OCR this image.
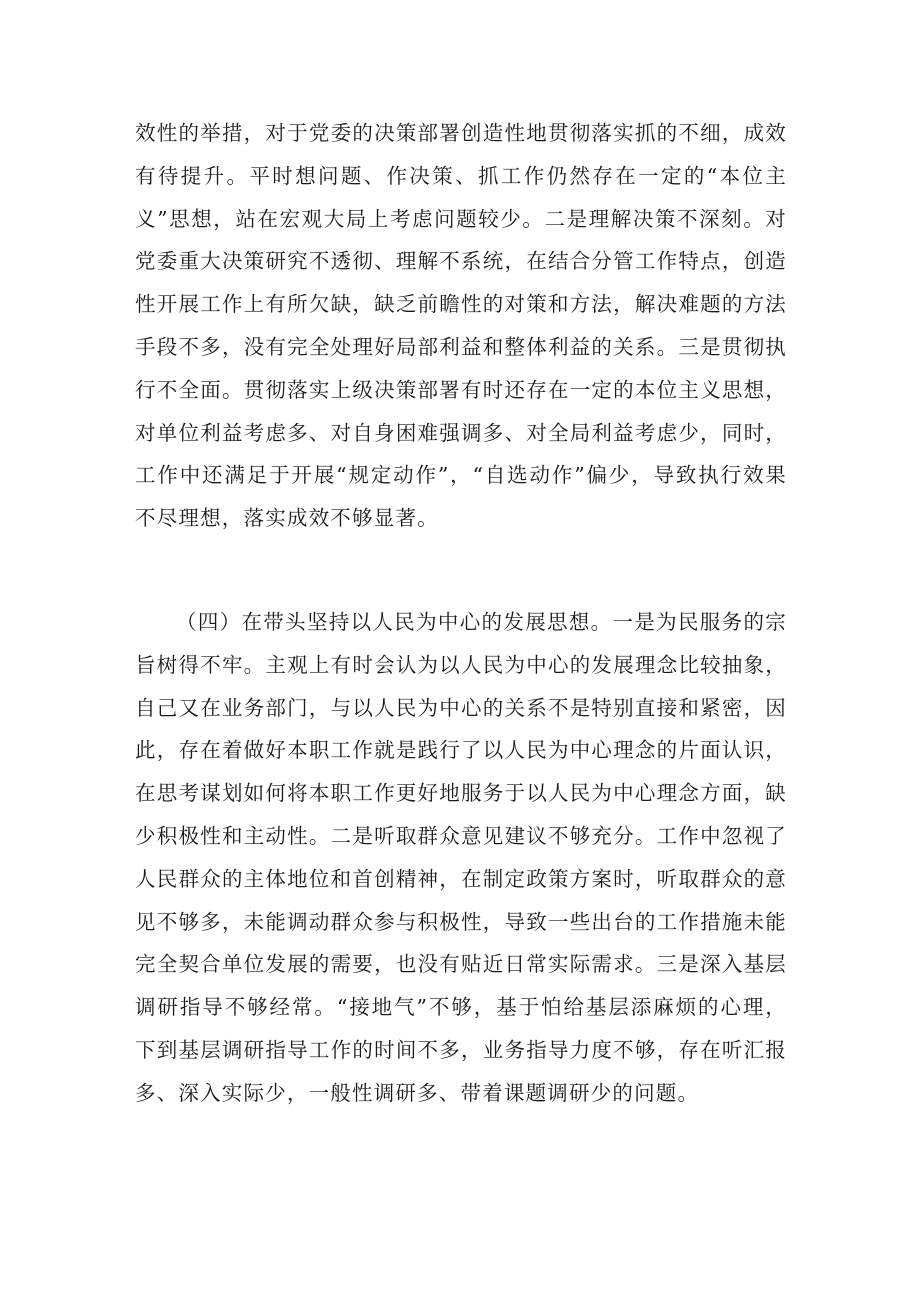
效性的举措，对于党委的决策部署创造性地贯彻落实抓的不细，成效有待提升。平时想问题、作决策、抓工作仍然存在一定的“本位主义”思想，站在宏观大局上考虑问题较少。二是理解决策不深刻。对党委重大决策研究不透彻、理解不系统，在结合分管工作特点，创造性开展工作上有所欠缺，缺乏前瞻性的对策和方法，解决难题的方法手段不多，没有完全处理好局部利益和整体利益的关系。三是贯彻执行不全面。贯彻落实上级决策部署有时还存在一定的本位主义思想，对单位利益考虑多、对自身困难强调多、对全局利益考虑少，同时，工作中还满足于开展“规定动作”，“自选动作”偏少，导致执行效果不尽理想，落实成效不够显著。

（四）在带头坚持以人民为中心的发展思想。一是为民服务的宗旨树得不牢。主观上有时会认为以人民为中心的发展理念比较抽象，自己又在业务部门，与以人民为中心的关系不是特别直接和紧密，因此，存在着做好本职工作就是践行了以人民为中心理念的片面认识，在思考谋划如何将本职工作更好地服务于以人民为中心理念方面，缺少积极性和主动性。二是听取群众意见建议不够充分。工作中忽视了人民群众的主体地位和首创精神，在制定政策方案时，听取群众的意见不够多，未能调动群众参与积极性，导致一些出台的工作措施未能完全契合单位发展的需要，也没有贴近日常实际需求。三是深入基层调研指导不够经常。“接地气”不够，基于怕给基层添麻烦的心理，下到基层调研指导工作的时间不多，业务指导力度不够，存在听汇报多、深入实际少，一般性调研多、带着课题调研少的问题。
